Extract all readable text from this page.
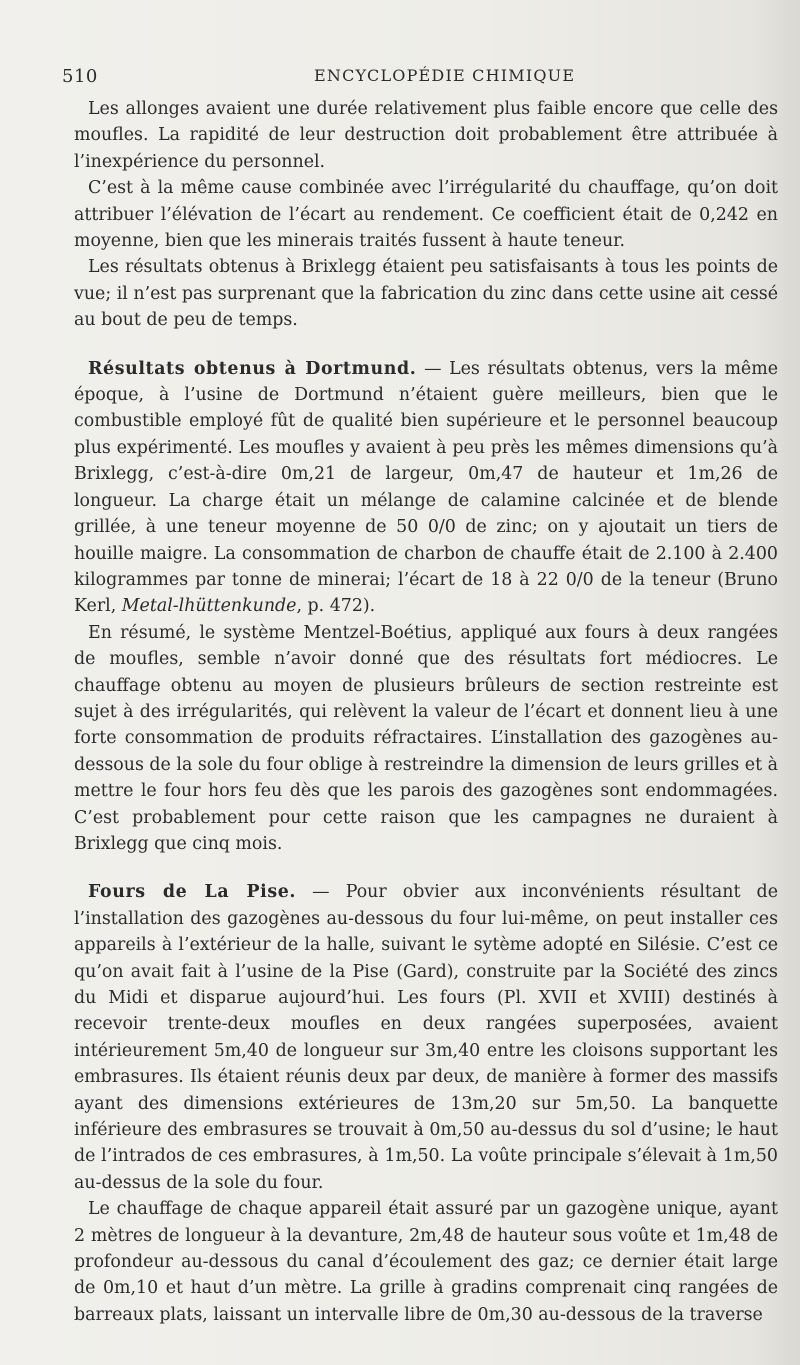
510	ENCYCLOPÉDIE CHIMIQUE

Les allonges avaient une durée relativement plus faible encore que celle des moufles. La rapidité de leur destruction doit probablement être attribuée à l’inexpérience du personnel.

C’est à la même cause combinée avec l’irrégularité du chauffage, qu’on doit attribuer l’élévation de l’écart au rendement. Ce coefficient était de 0,242 en moyenne, bien que les minerais traités fussent à haute teneur.

Les résultats obtenus à Brixlegg étaient peu satisfaisants à tous les points de vue; il n’est pas surprenant que la fabrication du zinc dans cette usine ait cessé au bout de peu de temps.

Résultats obtenus à Dortmund. — Les résultats obtenus, vers la même époque, à l’usine de Dortmund n’étaient guère meilleurs, bien que le combustible employé fût de qualité bien supérieure et le personnel beaucoup plus expérimenté. Les moufles y avaient à peu près les mêmes dimensions qu’à Brixlegg, c’est-à-dire 0m,21 de largeur, 0m,47 de hauteur et 1m,26 de longueur. La charge était un mélange de calamine calcinée et de blende grillée, à une teneur moyenne de 50 0/0 de zinc; on y ajoutait un tiers de houille maigre. La consommation de charbon de chauffe était de 2.100 à 2.400 kilogrammes par tonne de minerai; l’écart de 18 à 22 0/0 de la teneur (Bruno Kerl, Metal-lhüttenkunde, p. 472).

En résumé, le système Mentzel-Boétius, appliqué aux fours à deux rangées de moufles, semble n’avoir donné que des résultats fort médiocres. Le chauffage obtenu au moyen de plusieurs brûleurs de section restreinte est sujet à des irrégularités, qui relèvent la valeur de l’écart et donnent lieu à une forte consommation de produits réfractaires. L’installation des gazogènes au-dessous de la sole du four oblige à restreindre la dimension de leurs grilles et à mettre le four hors feu dès que les parois des gazogènes sont endommagées. C’est probablement pour cette raison que les campagnes ne duraient à Brixlegg que cinq mois.

Fours de La Pise. — Pour obvier aux inconvénients résultant de l’installation des gazogènes au-dessous du four lui-même, on peut installer ces appareils à l’extérieur de la halle, suivant le sytème adopté en Silésie. C’est ce qu’on avait fait à l’usine de la Pise (Gard), construite par la Société des zincs du Midi et disparue aujourd’hui. Les fours (Pl. XVII et XVIII) destinés à recevoir trente-deux moufles en deux rangées superposées, avaient intérieurement 5m,40 de longueur sur 3m,40 entre les cloisons supportant les embrasures. Ils étaient réunis deux par deux, de manière à former des massifs ayant des dimensions extérieures de 13m,20 sur 5m,50. La banquette inférieure des embrasures se trouvait à 0m,50 au-dessus du sol d’usine; le haut de l’intrados de ces embrasures, à 1m,50. La voûte principale s’élevait à 1m,50 au-dessus de la sole du four.

Le chauffage de chaque appareil était assuré par un gazogène unique, ayant 2 mètres de longueur à la devanture, 2m,48 de hauteur sous voûte et 1m,48 de profondeur au-dessous du canal d’écoulement des gaz; ce dernier était large de 0m,10 et haut d’un mètre. La grille à gradins comprenait cinq rangées de barreaux plats, laissant un intervalle libre de 0m,30 au-dessous de la traverse
